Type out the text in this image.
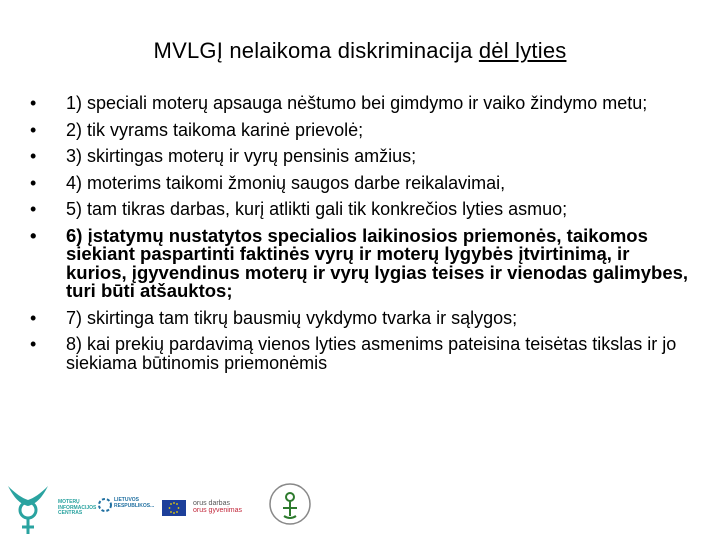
MVLGĮ nelaikoma diskriminacija dėl lyties
•	1) speciali moterų apsauga nėštumo bei gimdymo ir vaiko žindymo metu;
•	2) tik vyrams taikoma karinė prievolė;
•	3) skirtingas moterų ir vyrų pensinis amžius;
•	4) moterims taikomi žmonių saugos darbe reikalavimai,
•	5) tam tikras darbas, kurį atlikti gali tik konkrečios lyties asmuo;
•	6) įstatymų nustatytos specialios laikinosios priemonės, taikomos siekiant paspartinti faktinės vyrų ir moterų lygybės įtvirtinimą, ir kurios, įgyvendinus moterų ir vyrų lygias teises ir vienodas galimybes, turi būti atšauktos;
•	7) skirtinga tam tikrų bausmių vykdymo tvarka ir sąlygos;
•	8) kai prekių pardavimą vienos lyties asmenims pateisina teisėtas tikslas ir jo siekiama būtinomis priemonėmis
MOTERŲ INFORMACIJOS CENTRAS
LIETUVOS RESPUBLIKOS...	orus darbas
orus gyvenimas
